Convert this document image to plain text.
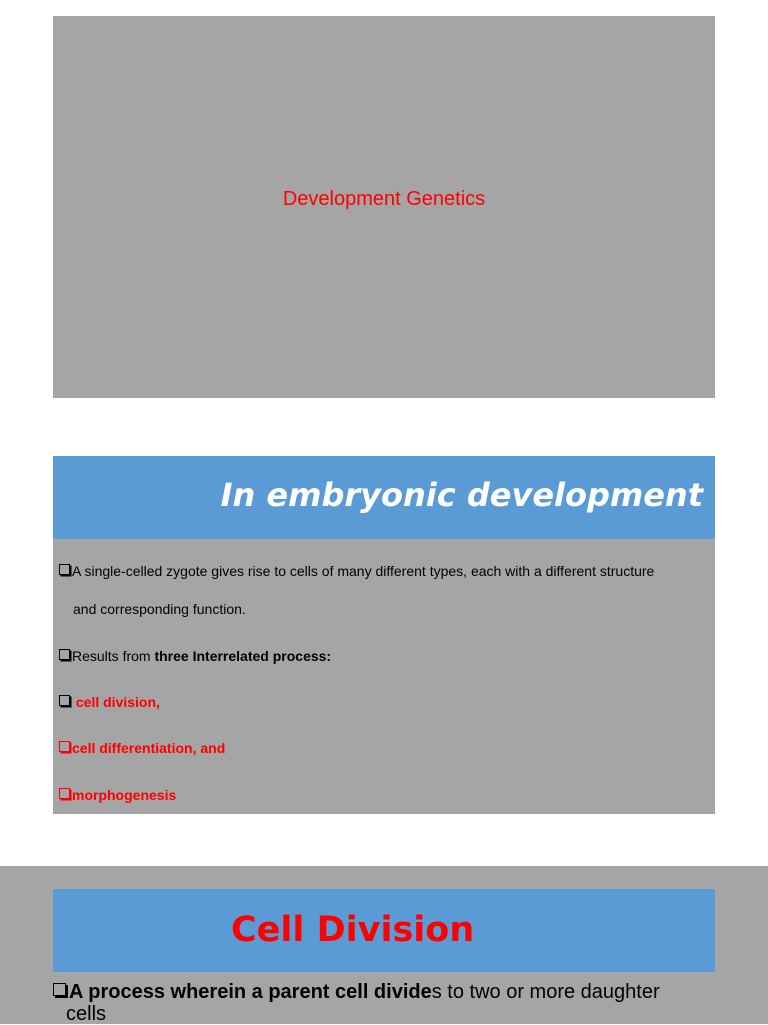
Development Genetics
In embryonic development
A single-celled zygote gives rise to cells of many different types, each with a different structure
and corresponding function.
Results from three Interrelated process:
cell division,
cell differentiation, and
morphogenesis
Cell Division
A process wherein a parent cell divides to two or more daughter
cells
